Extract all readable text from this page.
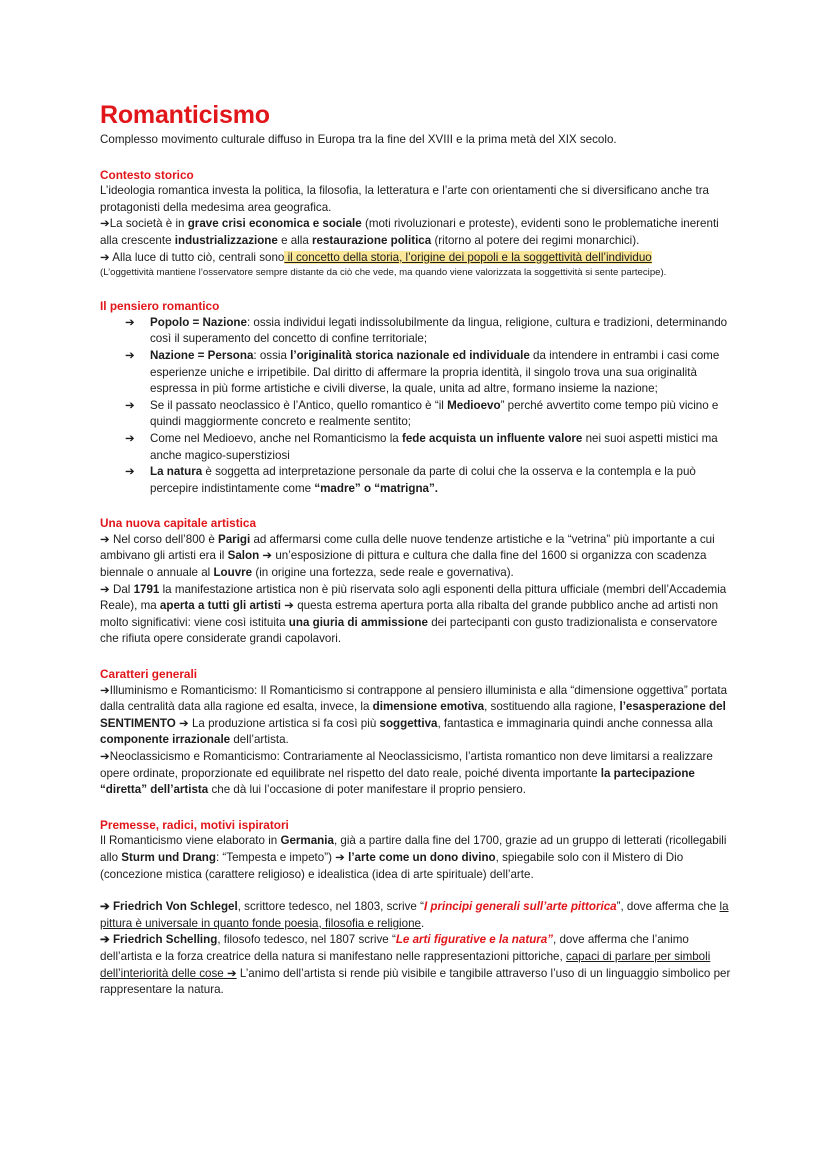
Romanticismo

Complesso movimento culturale diffuso in Europa tra la fine del XVIII e la prima metà del XIX secolo.

Contesto storico

L’ideologia romantica investa la politica, la filosofia, la letteratura e l’arte con orientamenti che si diversificano anche tra protagonisti della medesima area geografica.

➔La società è in grave crisi economica e sociale (moti rivoluzionari e proteste), evidenti sono le problematiche inerenti alla crescente industrializzazione e alla restaurazione politica (ritorno al potere dei regimi monarchici).

➔ Alla luce di tutto ciò, centrali sono il concetto della storia, l’origine dei popoli e la soggettività dell’individuo

(L’oggettività mantiene l’osservatore sempre distante da ciò che vede, ma quando viene valorizzata la soggettività si sente partecipe).

Il pensiero romantico
➔ Popolo = Nazione: ossia individui legati indissolubilmente da lingua, religione, cultura e tradizioni, determinando così il superamento del concetto di confine territoriale;
➔ Nazione = Persona: ossia l’originalità storica nazionale ed individuale da intendere in entrambi i casi come esperienze uniche e irripetibile. Dal diritto di affermare la propria identità, il singolo trova una sua originalità espressa in più forme artistiche e civili diverse, la quale, unita ad altre, formano insieme la nazione;
➔ Se il passato neoclassico è l’Antico, quello romantico è “il Medioevo” perché avvertito come tempo più vicino e quindi maggiormente concreto e realmente sentito;
➔ Come nel Medioevo, anche nel Romanticismo la fede acquista un influente valore nei suoi aspetti mistici ma anche magico-superstiziosi
➔ La natura è soggetta ad interpretazione personale da parte di colui che la osserva e la contempla e la può percepire indistintamente come “madre” o “matrigna”.
Una nuova capitale artistica

➔ Nel corso dell’800 è Parigi ad affermarsi come culla delle nuove tendenze artistiche e la “vetrina” più importante a cui ambivano gli artisti era il Salon ➔ un’esposizione di pittura e cultura che dalla fine del 1600 si organizza con scadenza biennale o annuale al Louvre (in origine una fortezza, sede reale e governativa).

➔ Dal 1791 la manifestazione artistica non è più riservata solo agli esponenti della pittura ufficiale (membri dell’Accademia Reale), ma aperta a tutti gli artisti ➔ questa estrema apertura porta alla ribalta del grande pubblico anche ad artisti non molto significativi: viene così istituita una giuria di ammissione dei partecipanti con gusto tradizionalista e conservatore che rifiuta opere considerate grandi capolavori.

Caratteri generali

➔Illuminismo e Romanticismo: Il Romanticismo si contrappone al pensiero illuminista e alla “dimensione oggettiva” portata dalla centralità data alla ragione ed esalta, invece, la dimensione emotiva, sostituendo alla ragione, l’esasperazione del SENTIMENTO ➔ La produzione artistica si fa così più soggettiva, fantastica e immaginaria quindi anche connessa alla componente irrazionale dell’artista.

➔Neoclassicismo e Romanticismo: Contrariamente al Neoclassicismo, l’artista romantico non deve limitarsi a realizzare opere ordinate, proporzionate ed equilibrate nel rispetto del dato reale, poiché diventa importante la partecipazione “diretta” dell’artista che dà lui l’occasione di poter manifestare il proprio pensiero.

Premesse, radici, motivi ispiratori

Il Romanticismo viene elaborato in Germania, già a partire dalla fine del 1700, grazie ad un gruppo di letterati (ricollegabili allo Sturm und Drang: “Tempesta e impeto”) ➔ l’arte come un dono divino, spiegabile solo con il Mistero di Dio (concezione mistica (carattere religioso) e idealistica (idea di arte spirituale) dell’arte.

➔ Friedrich Von Schlegel, scrittore tedesco, nel 1803, scrive “I principi generali sull’arte pittorica”, dove afferma che la pittura è universale in quanto fonde poesia, filosofia e religione.

➔ Friedrich Schelling, filosofo tedesco, nel 1807 scrive “Le arti figurative e la natura”, dove afferma che l’animo dell’artista e la forza creatrice della natura si manifestano nelle rappresentazioni pittoriche, capaci di parlare per simboli dell’interiorità delle cose ➔ L’animo dell’artista si rende più visibile e tangibile attraverso l’uso di un linguaggio simbolico per rappresentare la natura.
